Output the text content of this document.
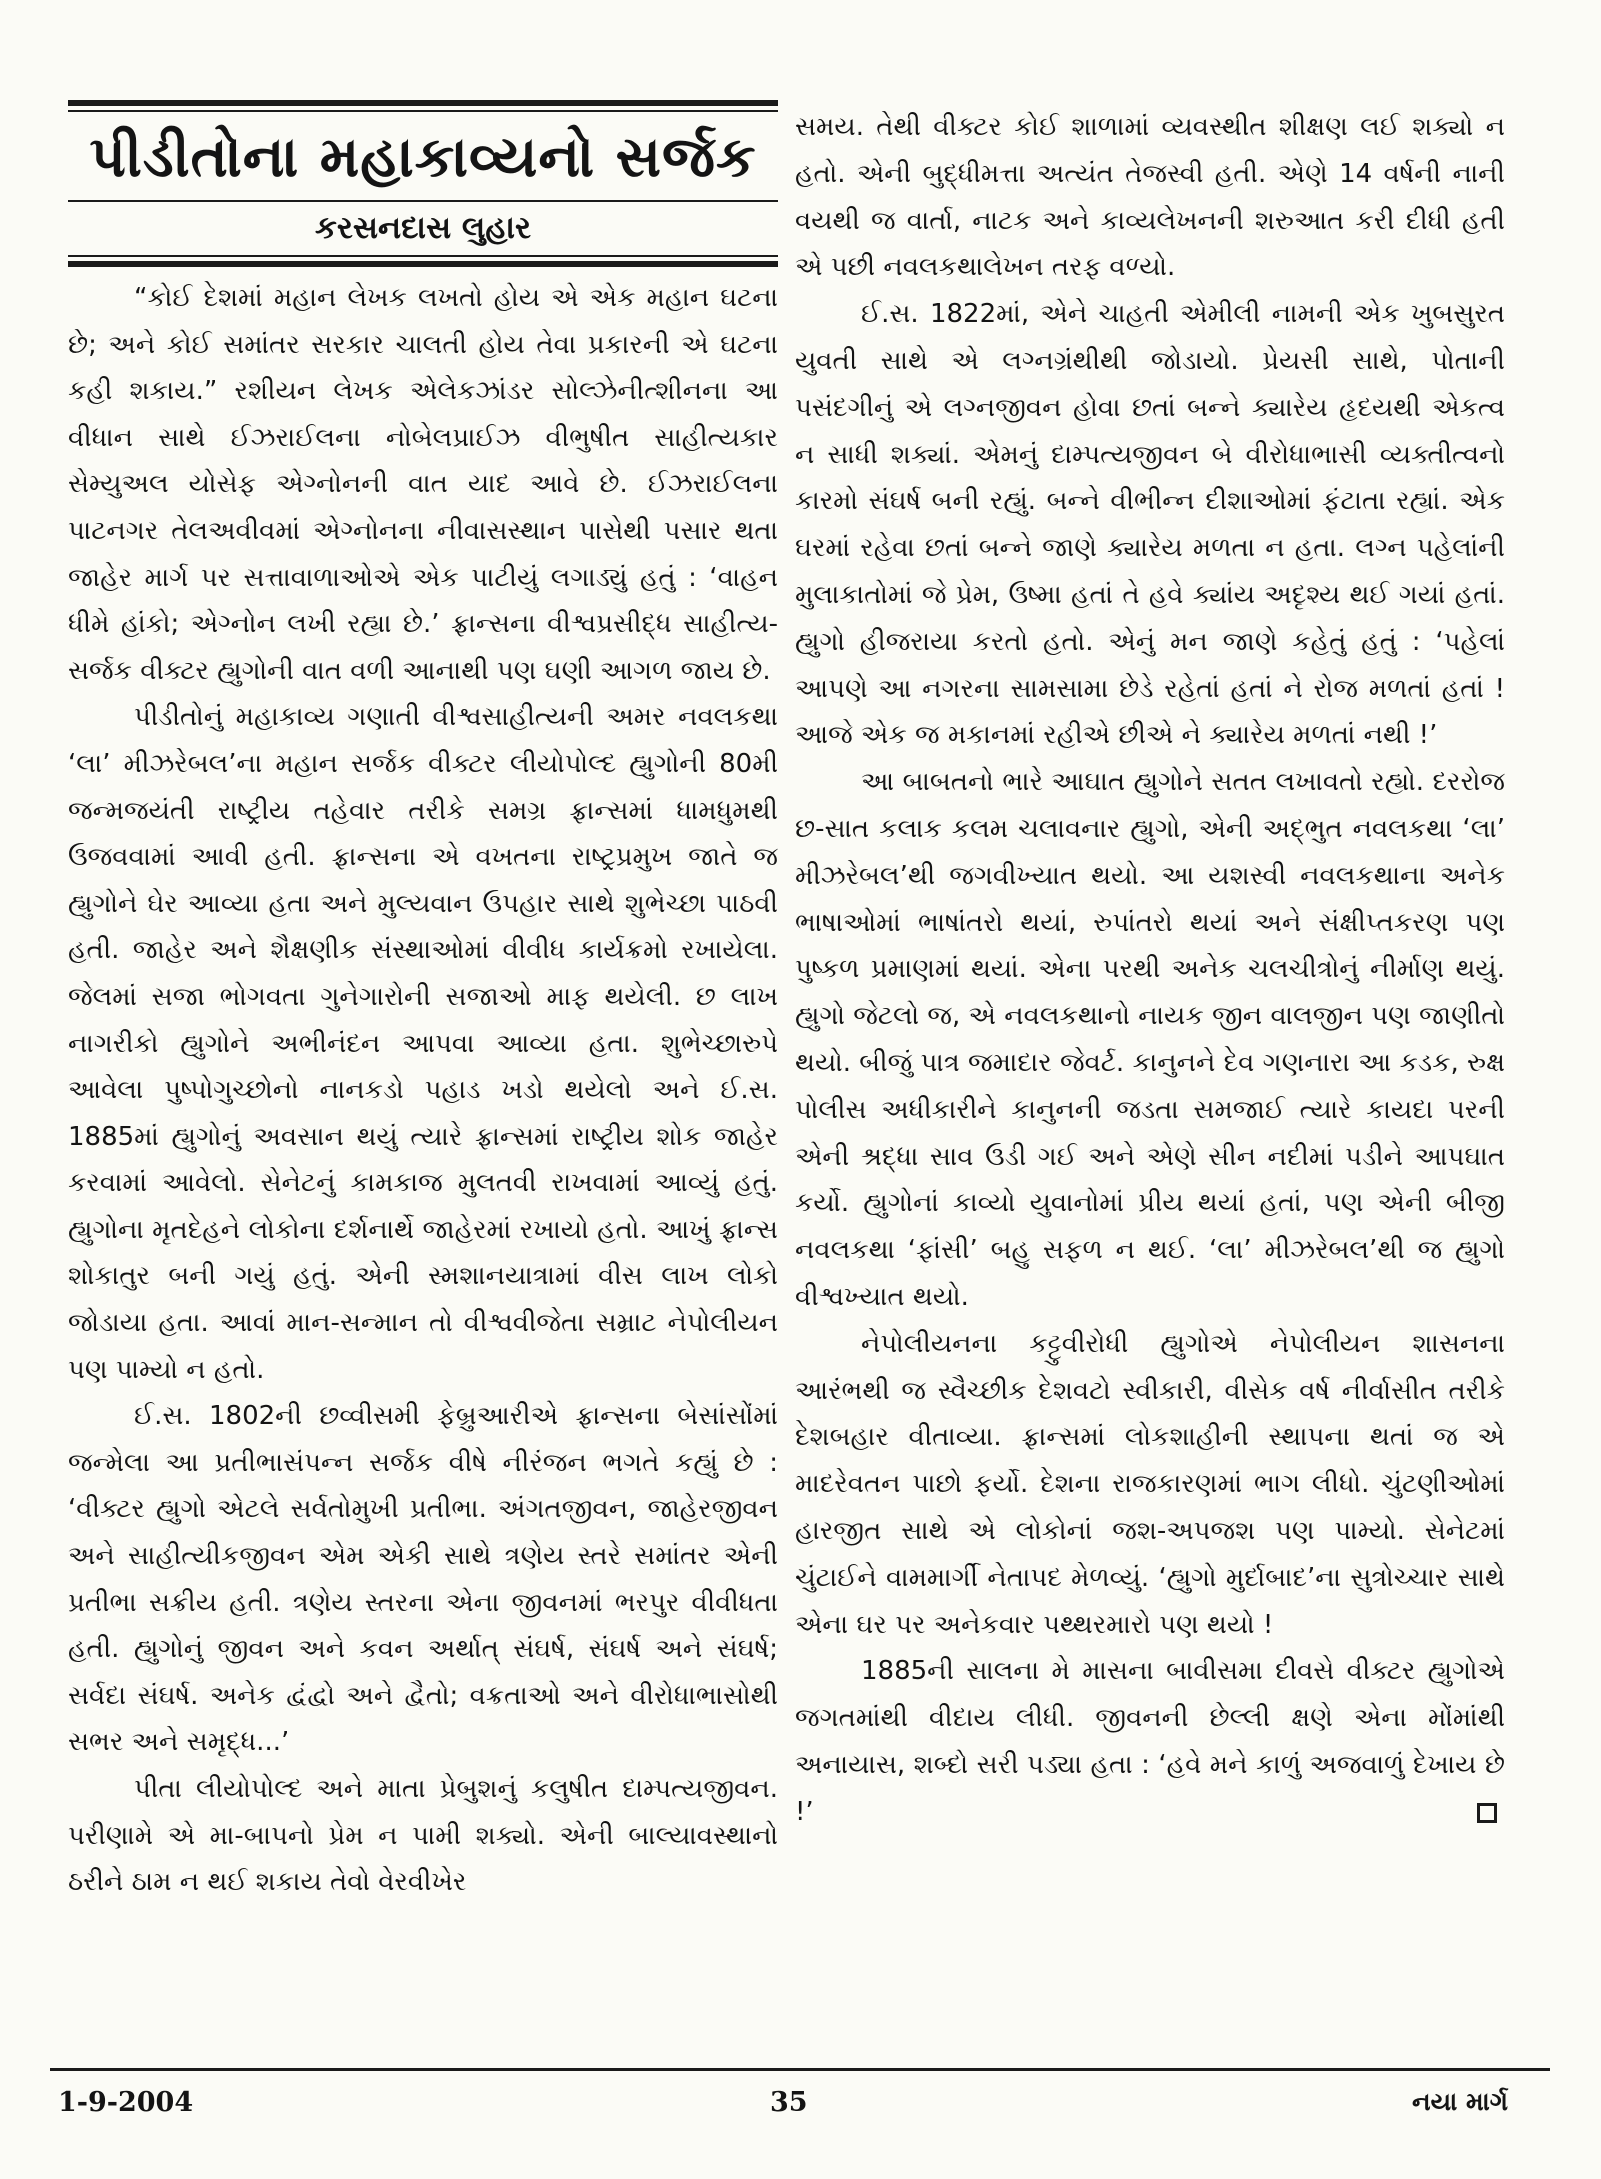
પીડીતોના મહાકાવ્યનો સર્જક
કરસનદાસ લુહાર

“કોઈ દેશમાં મહાન લેખક લખતો હોય એ એક મહાન ઘટના છે; અને કોઈ સમાંતર સરકાર ચાલતી હોય તેવા પ્રકારની એ ઘટના કહી શકાય.” રશીયન લેખક એલેકઝાંડર સોલ્ઝેનીત્શીનના આ વીધાન સાથે ઈઝરાઈલના નોબેલપ્રાઈઝ વીભુષીત સાહીત્યકાર સેમ્યુઅલ યોસેફ એગ્નોનની વાત યાદ આવે છે. ઈઝરાઈલના પાટનગર તેલઅવીવમાં એગ્નોનના નીવાસસ્થાન પાસેથી પસાર થતા જાહેર માર્ગ પર સત્તાવાળાઓએ એક પાટીયું લગાડ્યું હતું : ‘વાહન ધીમે હાંકો; એગ્નોન લખી રહ્યા છે.’ ફ્રાન્સના વીશ્વપ્રસીદ્ધ સાહીત્ય- સર્જક વીક્ટર હ્યુગોની વાત વળી આનાથી પણ ઘણી આગળ જાય છે.

પીડીતોનું મહાકાવ્ય ગણાતી વીશ્વસાહીત્યની અમર નવલકથા ‘લા’ મીઝરેબલ’ના મહાન સર્જક વીક્ટર લીયોપોલ્દ હ્યુગોની 80મી જન્મજયંતી રાષ્ટ્રીય તહેવાર તરીકે સમગ્ર ફ્રાન્સમાં ધામધુમથી ઉજવવામાં આવી હતી. ફ્રાન્સના એ વખતના રાષ્ટ્રપ્રમુખ જાતે જ હ્યુગોને ઘેર આવ્યા હતા અને મુલ્યવાન ઉપહાર સાથે શુભેચ્છા પાઠવી હતી. જાહેર અને શૈક્ષણીક સંસ્થાઓમાં વીવીધ કાર્યક્રમો રખાયેલા. જેલમાં સજા ભોગવતા ગુનેગારોની સજાઓ માફ થયેલી. છ લાખ નાગરીકો હ્યુગોને અભીનંદન આપવા આવ્યા હતા. શુભેચ્છારુપે આવેલા પુષ્પોગુચ્છોનો નાનકડો પહાડ ખડો થયેલો અને ઈ.સ. 1885માં હ્યુગોનું અવસાન થયું ત્યારે ફ્રાન્સમાં રાષ્ટ્રીય શોક જાહેર કરવામાં આવેલો. સેનેટનું કામકાજ મુલતવી રાખવામાં આવ્યું હતું. હ્યુગોના મૃતદેહને લોકોના દર્શનાર્થે જાહેરમાં રખાયો હતો. આખું ફ્રાન્સ શોકાતુર બની ગયું હતું. એની સ્મશાનયાત્રામાં વીસ લાખ લોકો જોડાયા હતા. આવાં માન-સન્માન તો વીશ્વવીજેતા સમ્રાટ નેપોલીયન પણ પામ્યો ન હતો.

ઈ.સ. 1802ની છવ્વીસમી ફેબ્રુઆરીએ ફ્રાન્સના બેસાંસોંમાં જન્મેલા આ પ્રતીભાસંપન્ન સર્જક વીષે નીરંજન ભગતે કહ્યું છે : ‘વીક્ટર હ્યુગો એટલે સર્વતોમુખી પ્રતીભા. અંગતજીવન, જાહેરજીવન અને સાહીત્યીકજીવન એમ એકી સાથે ત્રણેય સ્તરે સમાંતર એની પ્રતીભા સક્રીય હતી. ત્રણેય સ્તરના એના જીવનમાં ભરપુર વીવીધતા હતી. હ્યુગોનું જીવન અને કવન અર્થાત્ સંઘર્ષ, સંઘર્ષ અને સંઘર્ષ; સર્વદા સંઘર્ષ. અનેક દ્વંદ્વો અને દ્વૈતો; વક્રતાઓ અને વીરોધાભાસોથી સભર અને સમૃદ્ધ...’

પીતા લીયોપોલ્દ અને માતા પ્રેબુશનું કલુષીત દામ્પત્યજીવન. પરીણામે એ મા-બાપનો પ્રેમ ન પામી શક્યો. એની બાલ્યાવસ્થાનો ઠરીને ઠામ ન થઈ શકાય તેવો વેરવીખેર

સમય. તેથી વીક્ટર કોઈ શાળામાં વ્યવસ્થીત શીક્ષણ લઈ શક્યો ન હતો. એની બુદ્ધીમત્તા અત્યંત તેજસ્વી હતી. એણે 14 વર્ષની નાની વયથી જ વાર્તા, નાટક અને કાવ્યલેખનની શરુઆત કરી દીધી હતી એ પછી નવલકથાલેખન તરફ વળ્યો.

ઈ.સ. 1822માં, એને ચાહતી એમીલી નામની એક ખુબસુરત યુવતી સાથે એ લગ્નગ્રંથીથી જોડાયો. પ્રેયસી સાથે, પોતાની પસંદગીનું એ લગ્નજીવન હોવા છતાં બન્ને ક્યારેય હૃદયથી એકત્વ ન સાધી શક્યાં. એમનું દામ્પત્યજીવન બે વીરોધાભાસી વ્યક્તીત્વનો કારમો સંઘર્ષ બની રહ્યું. બન્ને વીભીન્ન દીશાઓમાં ફંટાતા રહ્યાં. એક ઘરમાં રહેવા છતાં બન્ને જાણે ક્યારેય મળતા ન હતા. લગ્ન પહેલાંની મુલાકાતોમાં જે પ્રેમ, ઉષ્મા હતાં તે હવે ક્યાંય અદૃશ્ય થઈ ગયાં હતાં. હ્યુગો હીજરાયા કરતો હતો. એનું મન જાણે કહેતું હતું : ‘પહેલાં આપણે આ નગરના સામસામા છેડે રહેતાં હતાં ને રોજ મળતાં હતાં ! આજે એક જ મકાનમાં રહીએ છીએ ને ક્યારેય મળતાં નથી !’

આ બાબતનો ભારે આઘાત હ્યુગોને સતત લખાવતો રહ્યો. દરરોજ છ-સાત કલાક કલમ ચલાવનાર હ્યુગો, એની અદ્ભુત નવલકથા ‘લા’ મીઝરેબલ’થી જગવીખ્યાત થયો. આ યશસ્વી નવલકથાના અનેક ભાષાઓમાં ભાષાંતરો થયાં, રુપાંતરો થયાં અને સંક્ષીપ્તકરણ પણ પુષ્કળ પ્રમાણમાં થયાં. એના પરથી અનેક ચલચીત્રોનું નીર્માણ થયું. હ્યુગો જેટલો જ, એ નવલકથાનો નાયક જીન વાલજીન પણ જાણીતો થયો. બીજું પાત્ર જમાદાર જેવર્ટ. કાનુનને દેવ ગણનારા આ કડક, રુક્ષ પોલીસ અધીકારીને કાનુનની જડતા સમજાઈ ત્યારે કાયદા પરની એની શ્રદ્ધા સાવ ઉડી ગઈ અને એણે સીન નદીમાં પડીને આપઘાત કર્યો. હ્યુગોનાં કાવ્યો યુવાનોમાં પ્રીય થયાં હતાં, પણ એની બીજી નવલકથા ‘ફાંસી’ બહુ સફળ ન થઈ. ‘લા’ મીઝરેબલ’થી જ હ્યુગો વીશ્વખ્યાત થયો.

નેપોલીયનના કટ્ટુવીરોધી હ્યુગોએ નેપોલીયન શાસનના આરંભથી જ સ્વૈચ્છીક દેશવટો સ્વીકારી, વીસેક વર્ષ નીર્વાસીત તરીકે દેશબહાર વીતાવ્યા. ફ્રાન્સમાં લોકશાહીની સ્થાપના થતાં જ એ માદરેવતન પાછો ફર્યો. દેશના રાજકારણમાં ભાગ લીધો. ચુંટણીઓમાં હારજીત સાથે એ લોકોનાં જશ-અપજશ પણ પામ્યો. સેનેટમાં ચુંટાઈને વામમાર્ગી નેતાપદ મેળવ્યું. ‘હ્યુગો મુર્દાબાદ’ના સુત્રોચ્ચાર સાથે એના ઘર પર અનેકવાર પથ્થરમારો પણ થયો !

1885ની સાલના મે માસના બાવીસમા દીવસે વીક્ટર હ્યુગોએ જગતમાંથી વીદાય લીધી. જીવનની છેલ્લી ક્ષણે એના મોંમાંથી અનાયાસ, શબ્દો સરી પડ્યા હતા : ‘હવે મને કાળું અજવાળું દેખાય છે !’

1-9-2004	35	નયા માર્ગ
